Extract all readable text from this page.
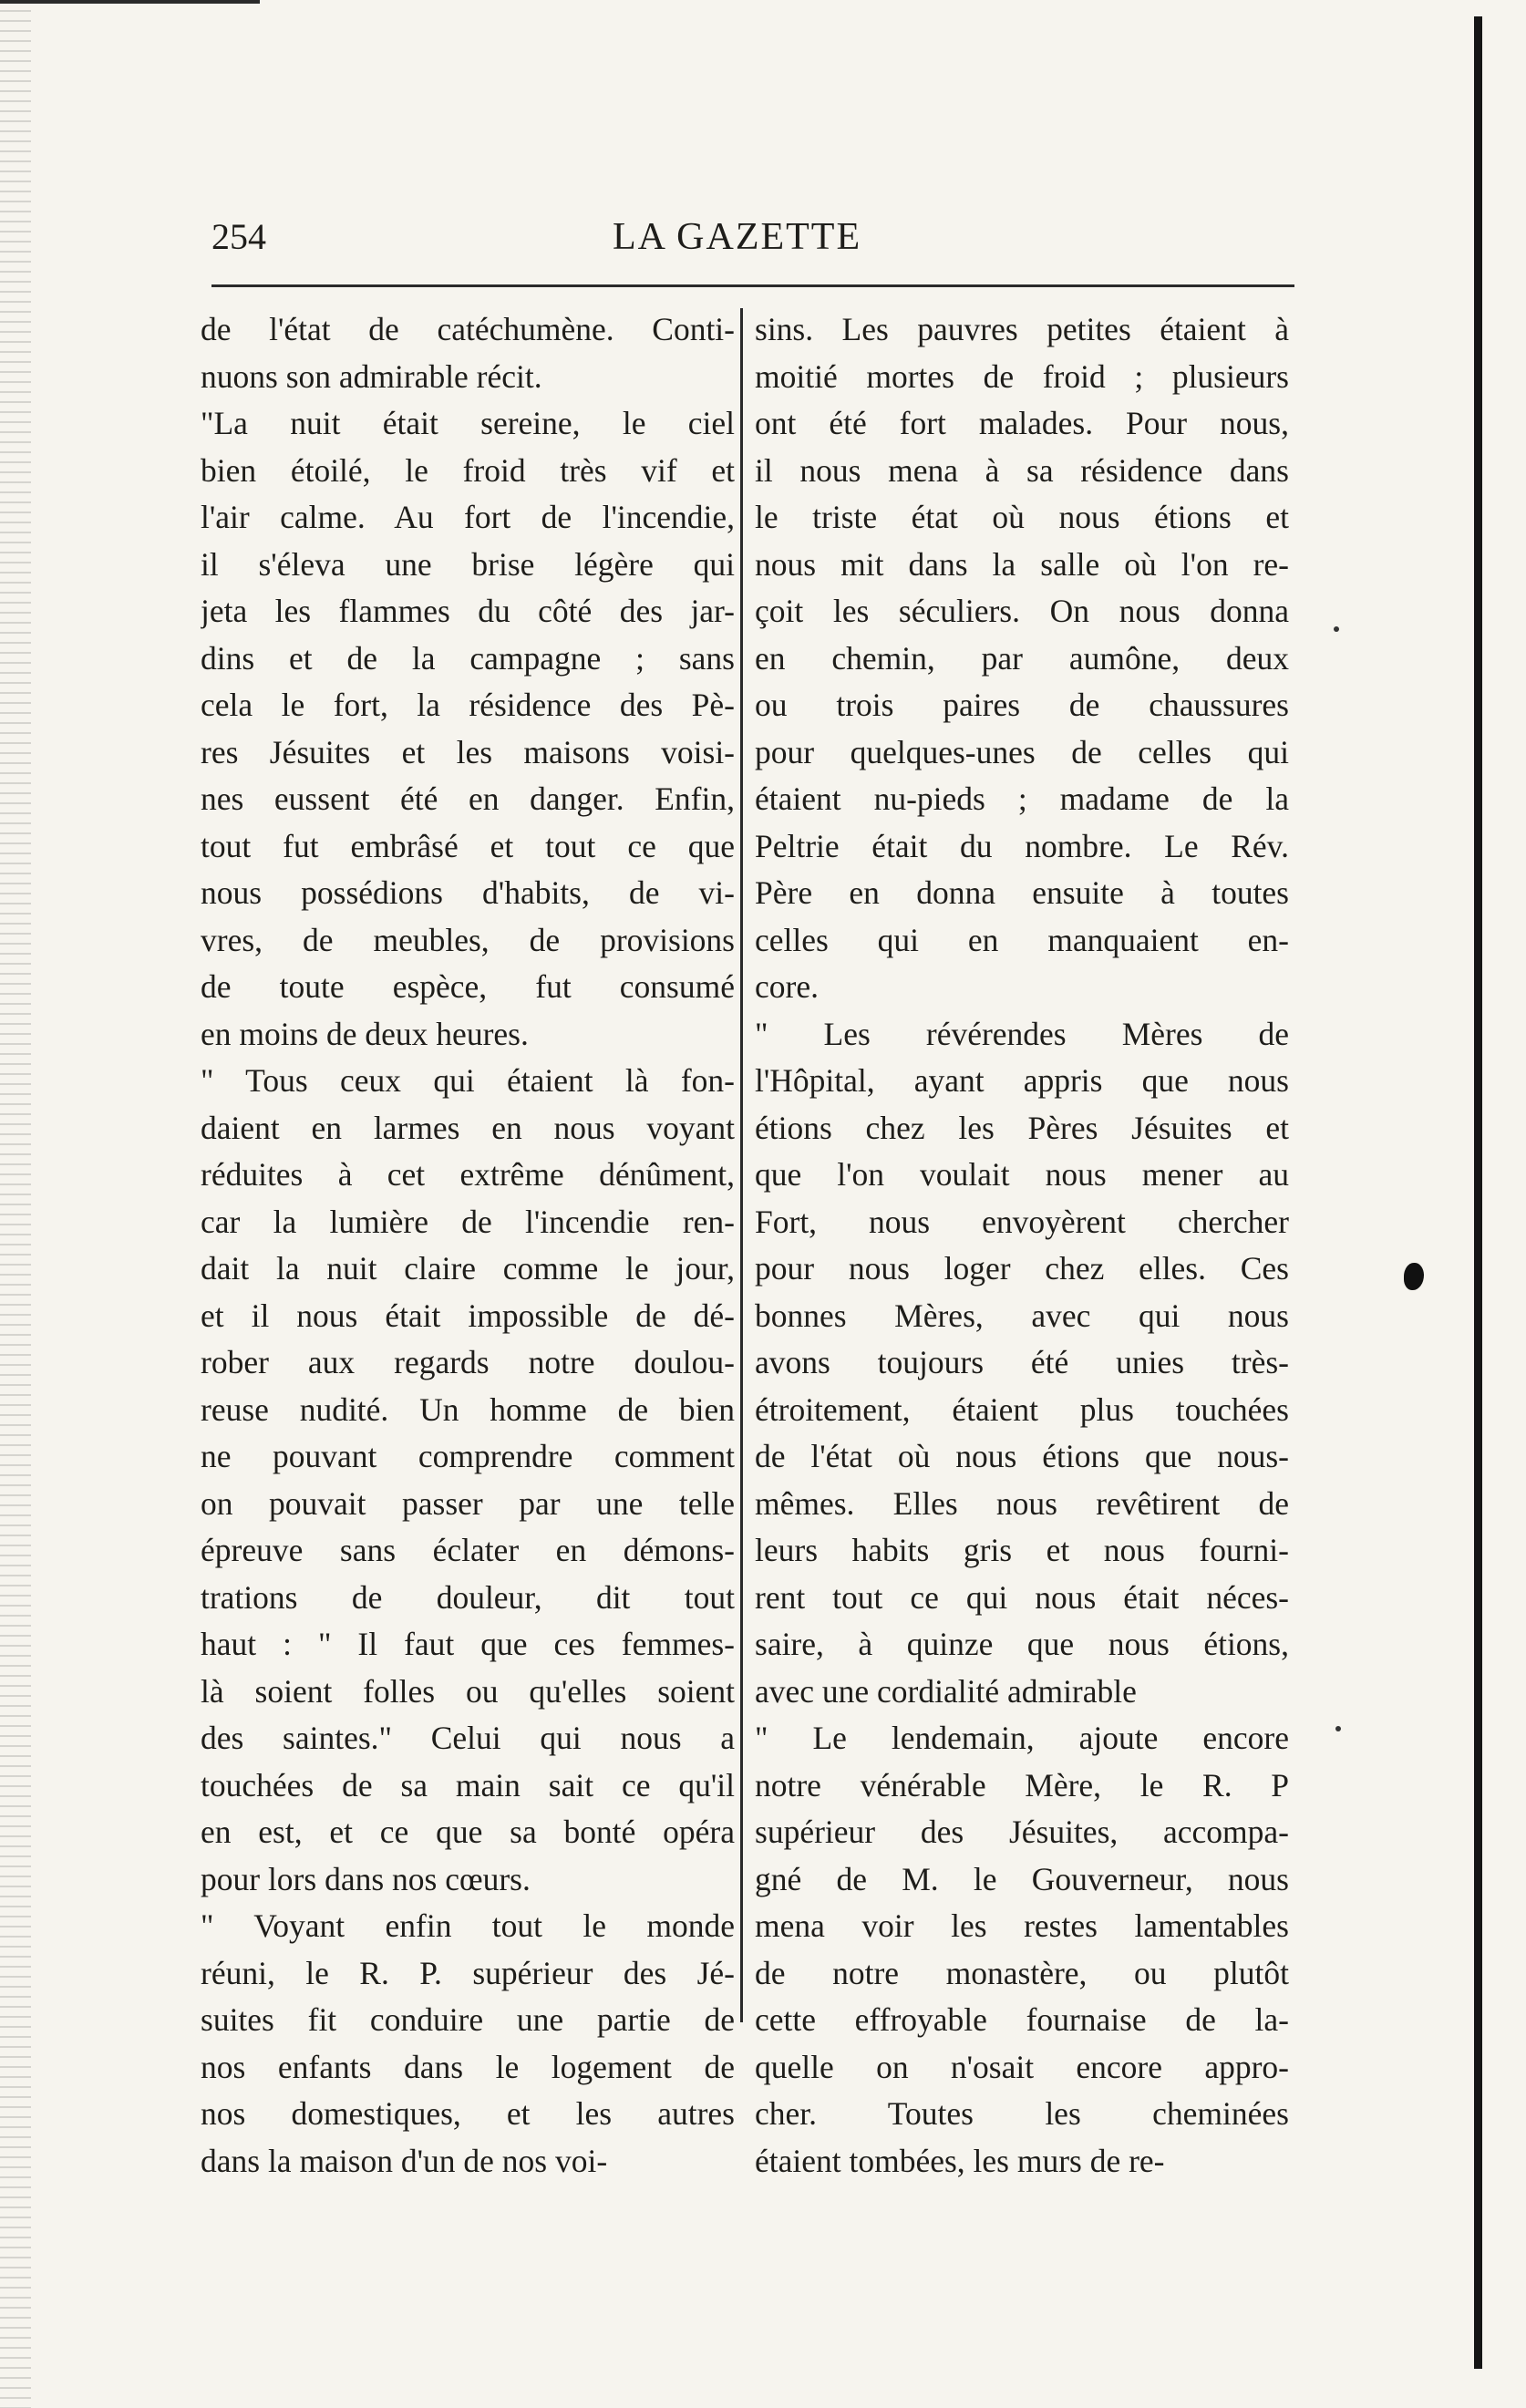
254	LA GAZETTE
de l'état de catéchumène. Conti-
nuons son admirable récit.
"La nuit était sereine, le ciel
bien étoilé, le froid très vif et
l'air calme. Au fort de l'incendie,
il s'éleva une brise légère qui
jeta les flammes du côté des jar-
dins et de la campagne ; sans
cela le fort, la résidence des Pè-
res Jésuites et les maisons voisi-
nes eussent été en danger. Enfin,
tout fut embrâsé et tout ce que
nous possédions d'habits, de vi-
vres, de meubles, de provisions
de toute espèce, fut consumé
en moins de deux heures.
" Tous ceux qui étaient là fon-
daient en larmes en nous voyant
réduites à cet extrême dénûment,
car la lumière de l'incendie ren-
dait la nuit claire comme le jour,
et il nous était impossible de dé-
rober aux regards notre doulou-
reuse nudité. Un homme de bien
ne pouvant comprendre comment
on pouvait passer par une telle
épreuve sans éclater en démons-
trations de douleur, dit tout
haut : " Il faut que ces femmes-
là soient folles ou qu'elles soient
des saintes." Celui qui nous a
touchées de sa main sait ce qu'il
en est, et ce que sa bonté opéra
pour lors dans nos cœurs.
" Voyant enfin tout le monde
réuni, le R. P. supérieur des Jé-
suites fit conduire une partie de
nos enfants dans le logement de
nos domestiques, et les autres
dans la maison d'un de nos voi-
sins. Les pauvres petites étaient à
moitié mortes de froid ; plusieurs
ont été fort malades. Pour nous,
il nous mena à sa résidence dans
le triste état où nous étions et
nous mit dans la salle où l'on re-
çoit les séculiers. On nous donna
en chemin, par aumône, deux
ou trois paires de chaussures
pour quelques-unes de celles qui
étaient nu-pieds ; madame de la
Peltrie était du nombre. Le Rév.
Père en donna ensuite à toutes
celles qui en manquaient en-
core.
" Les révérendes Mères de
l'Hôpital, ayant appris que nous
étions chez les Pères Jésuites et
que l'on voulait nous mener au
Fort, nous envoyèrent chercher
pour nous loger chez elles. Ces
bonnes Mères, avec qui nous
avons toujours été unies très-
étroitement, étaient plus touchées
de l'état où nous étions que nous-
mêmes. Elles nous revêtirent de
leurs habits gris et nous fourni-
rent tout ce qui nous était néces-
saire, à quinze que nous étions,
avec une cordialité admirable
" Le lendemain, ajoute encore
notre vénérable Mère, le R. P
supérieur des Jésuites, accompa-
gné de M. le Gouverneur, nous
mena voir les restes lamentables
de notre monastère, ou plutôt
cette effroyable fournaise de la-
quelle on n'osait encore appro-
cher. Toutes les cheminées
étaient tombées, les murs de re-
